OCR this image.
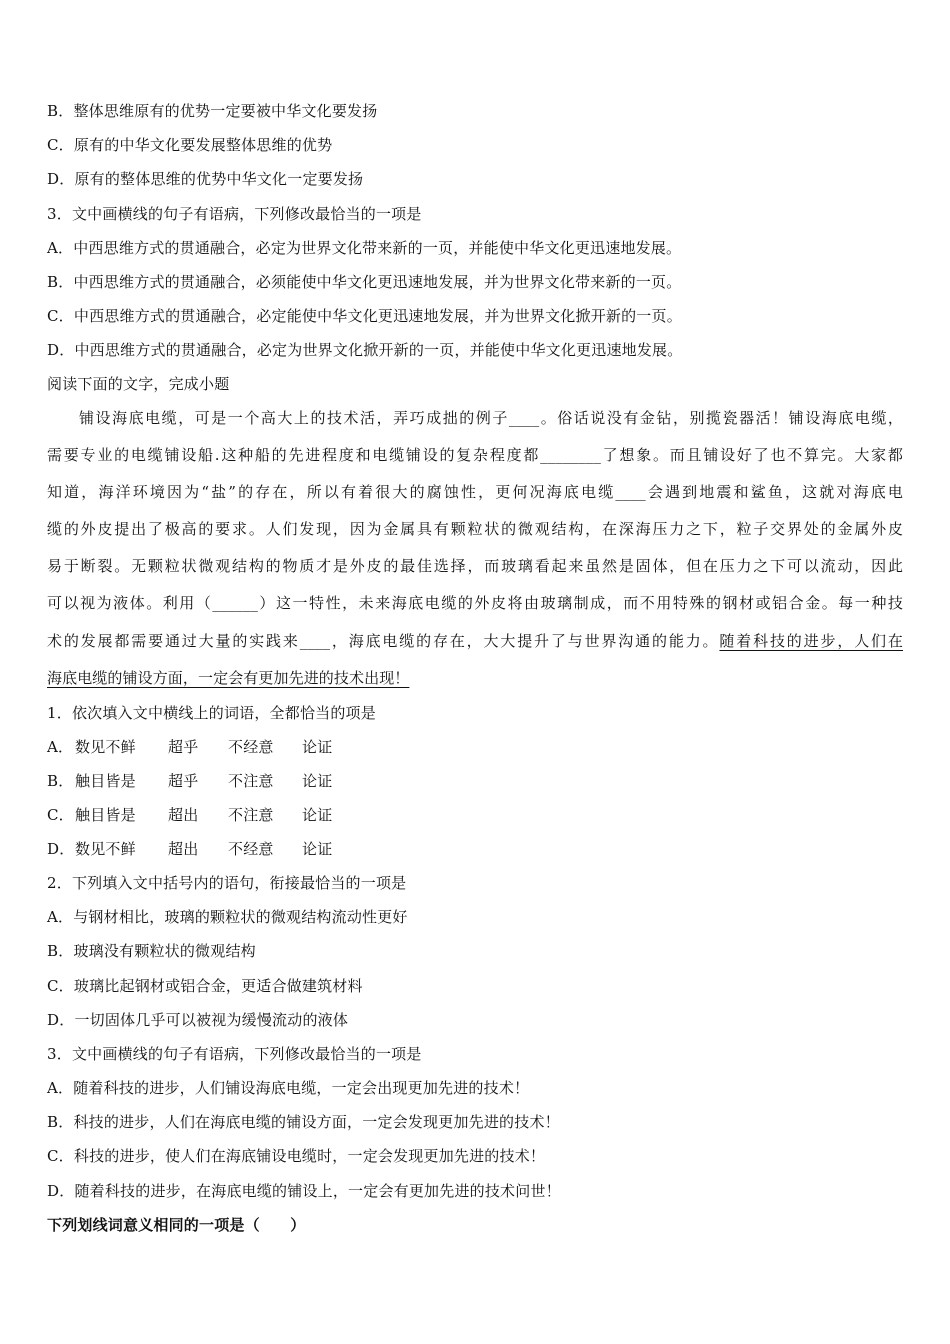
B．整体思维原有的优势一定要被中华文化要发扬
C．原有的中华文化要发展整体思维的优势
D．原有的整体思维的优势中华文化一定要发扬
3．文中画横线的句子有语病，下列修改最恰当的一项是
A．中西思维方式的贯通融合，必定为世界文化带来新的一页，并能使中华文化更迅速地发展。
B．中西思维方式的贯通融合，必须能使中华文化更迅速地发展，并为世界文化带来新的一页。
C．中西思维方式的贯通融合，必定能使中华文化更迅速地发展，并为世界文化掀开新的一页。
D．中西思维方式的贯通融合，必定为世界文化掀开新的一页，并能使中华文化更迅速地发展。
阅读下面的文字，完成小题
铺设海底电缆，可是一个高大上的技术活，弄巧成拙的例子____。俗话说没有金钻，别揽瓷器活！铺设海底电缆，
需要专业的电缆铺设船.这种船的先进程度和电缆铺设的复杂程度都________了想象。而且铺设好了也不算完。大家都
知道，海洋环境因为“盐”的存在，所以有着很大的腐蚀性，更何况海底电缆____会遇到地震和鲨鱼，这就对海底电
缆的外皮提出了极高的要求。人们发现，因为金属具有颗粒状的微观结构，在深海压力之下，粒子交界处的金属外皮
易于断裂。无颗粒状微观结构的物质才是外皮的最佳选择，而玻璃看起来虽然是固体，但在压力之下可以流动，因此
可以视为液体。利用（______）这一特性，未来海底电缆的外皮将由玻璃制成，而不用特殊的钢材或铝合金。每一种技
术的发展都需要通过大量的实践来____，海底电缆的存在，大大提升了与世界沟通的能力。随着科技的进步，人们在
海底电缆的铺设方面，一定会有更加先进的技术出现！
1．依次填入文中横线上的词语，全都恰当的项是
A． 数见不鲜 超乎 不经意 论证
B． 触目皆是 超乎 不注意 论证
C．触目皆是 超出 不注意 论证
D．数见不鲜 超出 不经意 论证
2．下列填入文中括号内的语句，衔接最恰当的一项是
A．与钢材相比，玻璃的颗粒状的微观结构流动性更好
B．玻璃没有颗粒状的微观结构
C．玻璃比起钢材或铝合金，更适合做建筑材料
D．一切固体几乎可以被视为缓慢流动的液体
3．文中画横线的句子有语病，下列修改最恰当的一项是
A．随着科技的进步，人们铺设海底电缆，一定会出现更加先进的技术！
B．科技的进步，人们在海底电缆的铺设方面，一定会发现更加先进的技术！
C．科技的进步，使人们在海底铺设电缆时，一定会发现更加先进的技术！
D．随着科技的进步，在海底电缆的铺设上，一定会有更加先进的技术问世！
下列划线词意义相同的一项是（　　）
